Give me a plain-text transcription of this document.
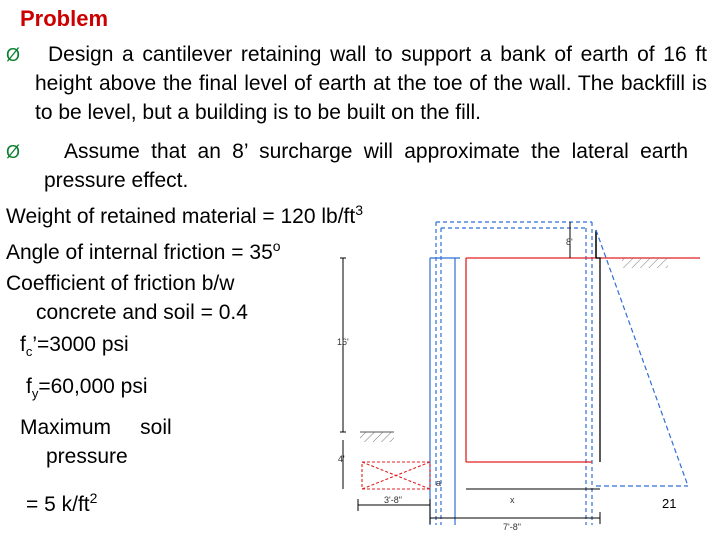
Problem
Ø	Design a cantilever retaining wall to support a bank of earth of 16 ft height above the final level of earth at the toe of the wall. The backfill is to be level, but a building is to be built on the fill.
Ø	Assume that an 8’ surcharge will approximate the lateral earth pressure effect.
Weight of retained material = 120 $lb/ft^3$
Angle of internal friction = $35^o$
Coefficient of friction b/w
concrete and soil = 0.4
$f_c’=3000$ psi
$f_y=60,000$ psi
Maximum     soil
pressure
= 5 $k/ft^2$
8'
16'
4'
3'-8"
7'-8"
a
x	21
